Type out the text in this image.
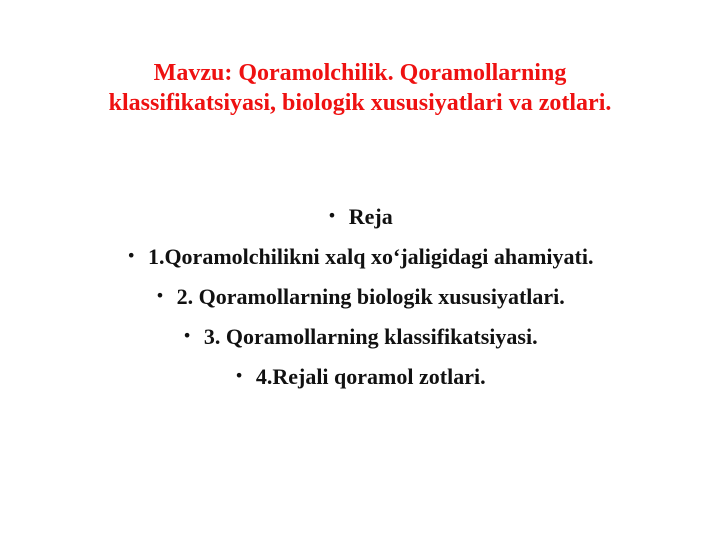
Mavzu: Qoramolchilik. Qoramollarning
klassifikatsiyasi, biologik xususiyatlari va zotlari.
• Reja
• 1.Qoramolchilikni xalq xo‘jaligidagi ahamiyati.
• 2. Qoramollarning biologik xususiyatlari.
• 3. Qoramollarning klassifikatsiyasi.
• 4.Rejali qoramol zotlari.
